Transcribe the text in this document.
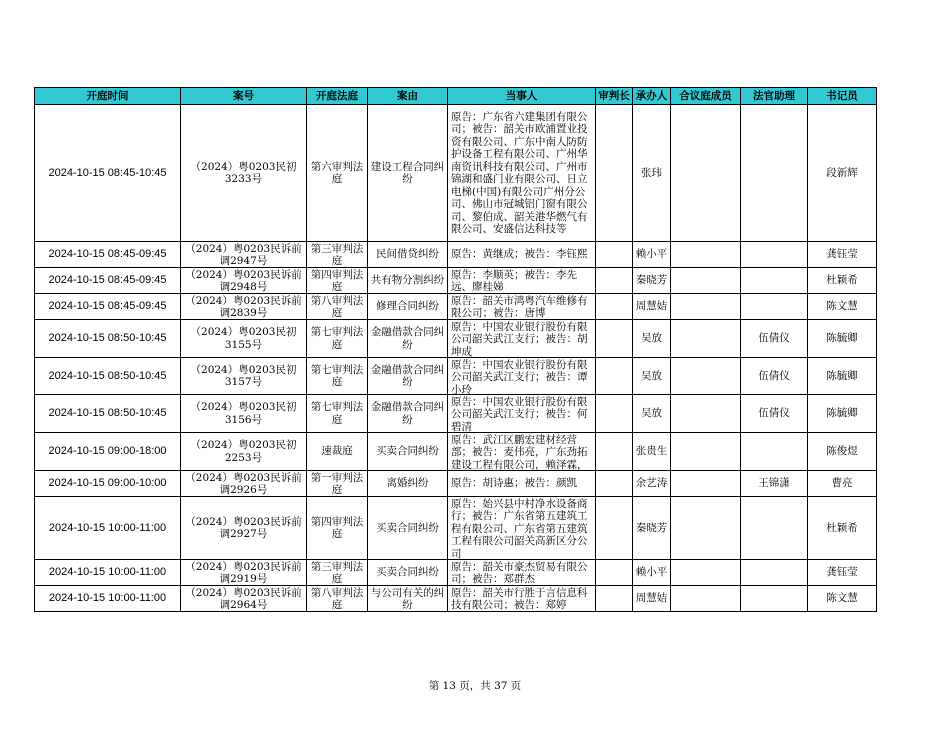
开庭时间	案号	开庭法庭	案由	当事人	审判长	承办人	合议庭成员	法官助理	书记员

2024-10-15 08:45-10:45	（2024）粤0203民初3233号	第六审判法庭	建设工程合同纠纷	原告：广东省六建集团有限公司；被告：韶关市欧浦置业投资有限公司、广东中南人防防护设备工程有限公司、广州华南资讯科技有限公司、广州市锦湖和盛门业有限公司、日立电梯(中国)有限公司广州分公司、佛山市冠城铝门窗有限公司、黎伯成、韶关港华燃气有限公司、安盛信达科技等		张玮			段新辉

2024-10-15 08:45-09:45	（2024）粤0203民诉前调2947号	第三审判法庭	民间借贷纠纷	原告：黄继成；被告：李钰熙		赖小平			龚钰莹

2024-10-15 08:45-09:45	（2024）粤0203民诉前调2948号	第四审判法庭	共有物分割纠纷	原告：李顺英；被告：李先远、廖桂娣		秦晓芳			杜颖希

2024-10-15 08:45-09:45	（2024）粤0203民诉前调2839号	第八审判法庭	修理合同纠纷	原告：韶关市鸿粤汽车维修有限公司；被告：唐博		周慧姞			陈文慧

2024-10-15 08:50-10:45	（2024）粤0203民初3155号	第七审判法庭	金融借款合同纠纷	原告：中国农业银行股份有限公司韶关武江支行；被告：胡坤成		吴放		伍倩仪	陈毓卿

2024-10-15 08:50-10:45	（2024）粤0203民初3157号	第七审判法庭	金融借款合同纠纷	原告：中国农业银行股份有限公司韶关武江支行；被告：谭小玲		吴放		伍倩仪	陈毓卿

2024-10-15 08:50-10:45	（2024）粤0203民初3156号	第七审判法庭	金融借款合同纠纷	原告：中国农业银行股份有限公司韶关武江支行；被告：何碧清		吴放		伍倩仪	陈毓卿

2024-10-15 09:00-18:00	（2024）粤0203民初2253号	速裁庭	买卖合同纠纷	原告：武江区鹏宏建材经营部；被告：麦伟亮，广东劲拓建设工程有限公司，赖泽霖，		张贵生			陈俊煜

2024-10-15 09:00-10:00	（2024）粤0203民诉前调2926号	第一审判法庭	离婚纠纷	原告：胡诗惠；被告：颜凯		余艺涛		王锦潇	曹亮

2024-10-15 10:00-11:00	（2024）粤0203民诉前调2927号	第四审判法庭	买卖合同纠纷	原告：始兴县中村净水设备商行；被告：广东省第五建筑工程有限公司、广东省第五建筑工程有限公司韶关高新区分公司		秦晓芳			杜颖希

2024-10-15 10:00-11:00	（2024）粤0203民诉前调2919号	第三审判法庭	买卖合同纠纷	原告：韶关市豪杰贸易有限公司；被告：郑群杰		赖小平			龚钰莹

2024-10-15 10:00-11:00	（2024）粤0203民诉前调2964号	第八审判法庭	与公司有关的纠纷	原告：韶关市行胜于言信息科技有限公司；被告：郑婷		周慧姞			陈文慧
第 13 页，共 37 页
